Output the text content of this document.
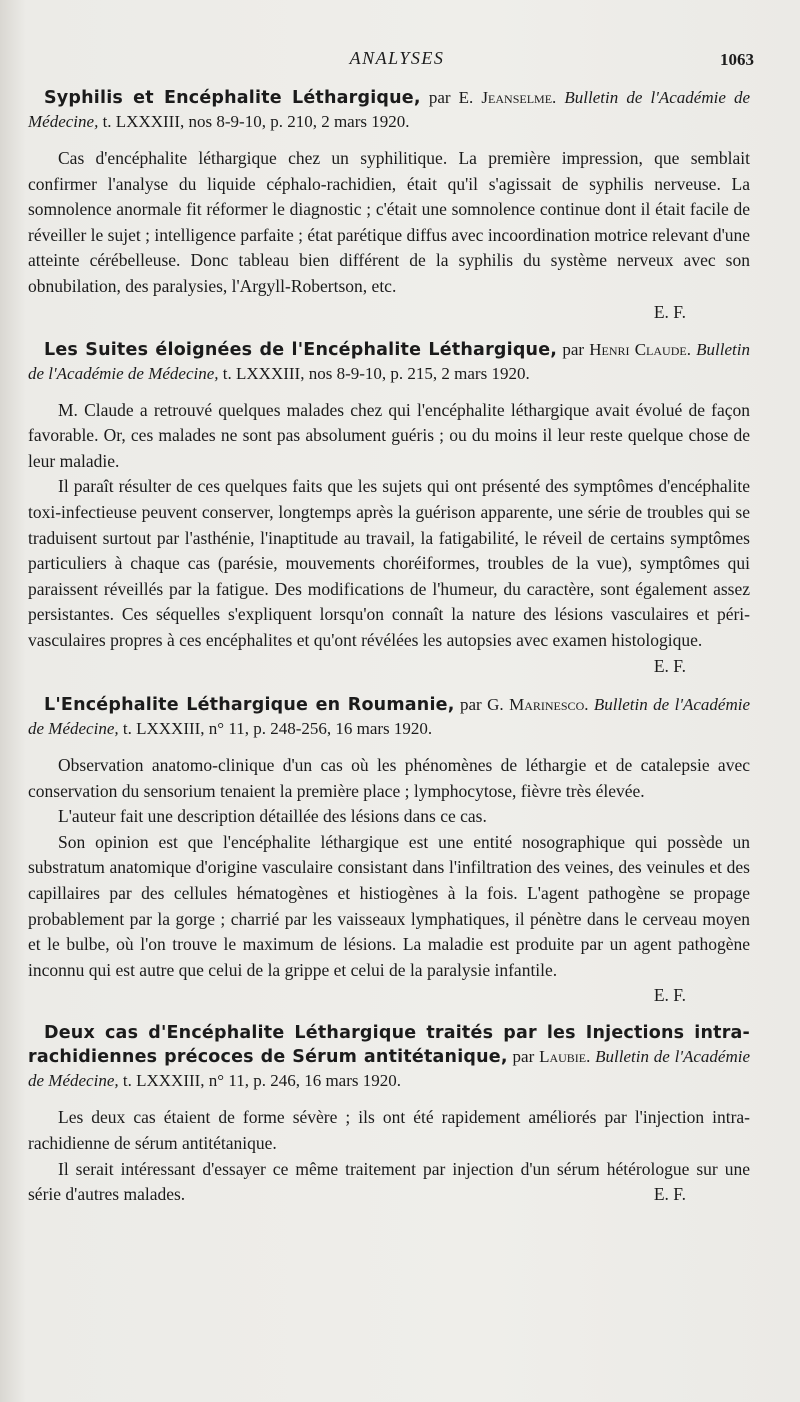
ANALYSES	1063

Syphilis et Encéphalite Léthargique, par E. Jeanselme. Bulletin de l'Académie de Médecine, t. LXXXIII, nos 8-9-10, p. 210, 2 mars 1920.

Cas d'encéphalite léthargique chez un syphilitique. La première impression, que semblait confirmer l'analyse du liquide céphalo-rachidien, était qu'il s'agissait de syphilis nerveuse. La somnolence anormale fit réformer le diagnostic ; c'était une somnolence continue dont il était facile de réveiller le sujet ; intelligence parfaite ; état parétique diffus avec incoordination motrice relevant d'une atteinte cérébelleuse. Donc tableau bien différent de la syphilis du système nerveux avec son obnubilation, des paralysies, l'Argyll-Robertson, etc.

E. F.

Les Suites éloignées de l'Encéphalite Léthargique, par Henri Claude. Bulletin de l'Académie de Médecine, t. LXXXIII, nos 8-9-10, p. 215, 2 mars 1920.

M. Claude a retrouvé quelques malades chez qui l'encéphalite léthargique avait évolué de façon favorable. Or, ces malades ne sont pas absolument guéris ; ou du moins il leur reste quelque chose de leur maladie.

Il paraît résulter de ces quelques faits que les sujets qui ont présenté des symptômes d'encéphalite toxi-infectieuse peuvent conserver, longtemps après la guérison apparente, une série de troubles qui se traduisent surtout par l'asthénie, l'inaptitude au travail, la fatigabilité, le réveil de certains symptômes particuliers à chaque cas (parésie, mouvements choréiformes, troubles de la vue), symptômes qui paraissent réveillés par la fatigue. Des modifications de l'humeur, du caractère, sont également assez persistantes. Ces séquelles s'expliquent lorsqu'on connaît la nature des lésions vasculaires et péri-vasculaires propres à ces encéphalites et qu'ont révélées les autopsies avec examen histologique.
E. F.

L'Encéphalite Léthargique en Roumanie, par G. Marinesco. Bulletin de l'Académie de Médecine, t. LXXXIII, n° 11, p. 248-256, 16 mars 1920.

Observation anatomo-clinique d'un cas où les phénomènes de léthargie et de catalepsie avec conservation du sensorium tenaient la première place ; lymphocytose, fièvre très élevée.

L'auteur fait une description détaillée des lésions dans ce cas.

Son opinion est que l'encéphalite léthargique est une entité nosographique qui possède un substratum anatomique d'origine vasculaire consistant dans l'infiltration des veines, des veinules et des capillaires par des cellules hématogènes et histiogènes à la fois. L'agent pathogène se propage probablement par la gorge ; charrié par les vaisseaux lymphatiques, il pénètre dans le cerveau moyen et le bulbe, où l'on trouve le maximum de lésions. La maladie est produite par un agent pathogène inconnu qui est autre que celui de la grippe et celui de la paralysie infantile.

E. F.

Deux cas d'Encéphalite Léthargique traités par les Injections intra-rachidiennes précoces de Sérum antitétanique, par Laubie. Bulletin de l'Académie de Médecine, t. LXXXIII, n° 11, p. 246, 16 mars 1920.

Les deux cas étaient de forme sévère ; ils ont été rapidement améliorés par l'injection intra-rachidienne de sérum antitétanique.

Il serait intéressant d'essayer ce même traitement par injection d'un sérum hétérologue sur une série d'autres malades.	E. F.
